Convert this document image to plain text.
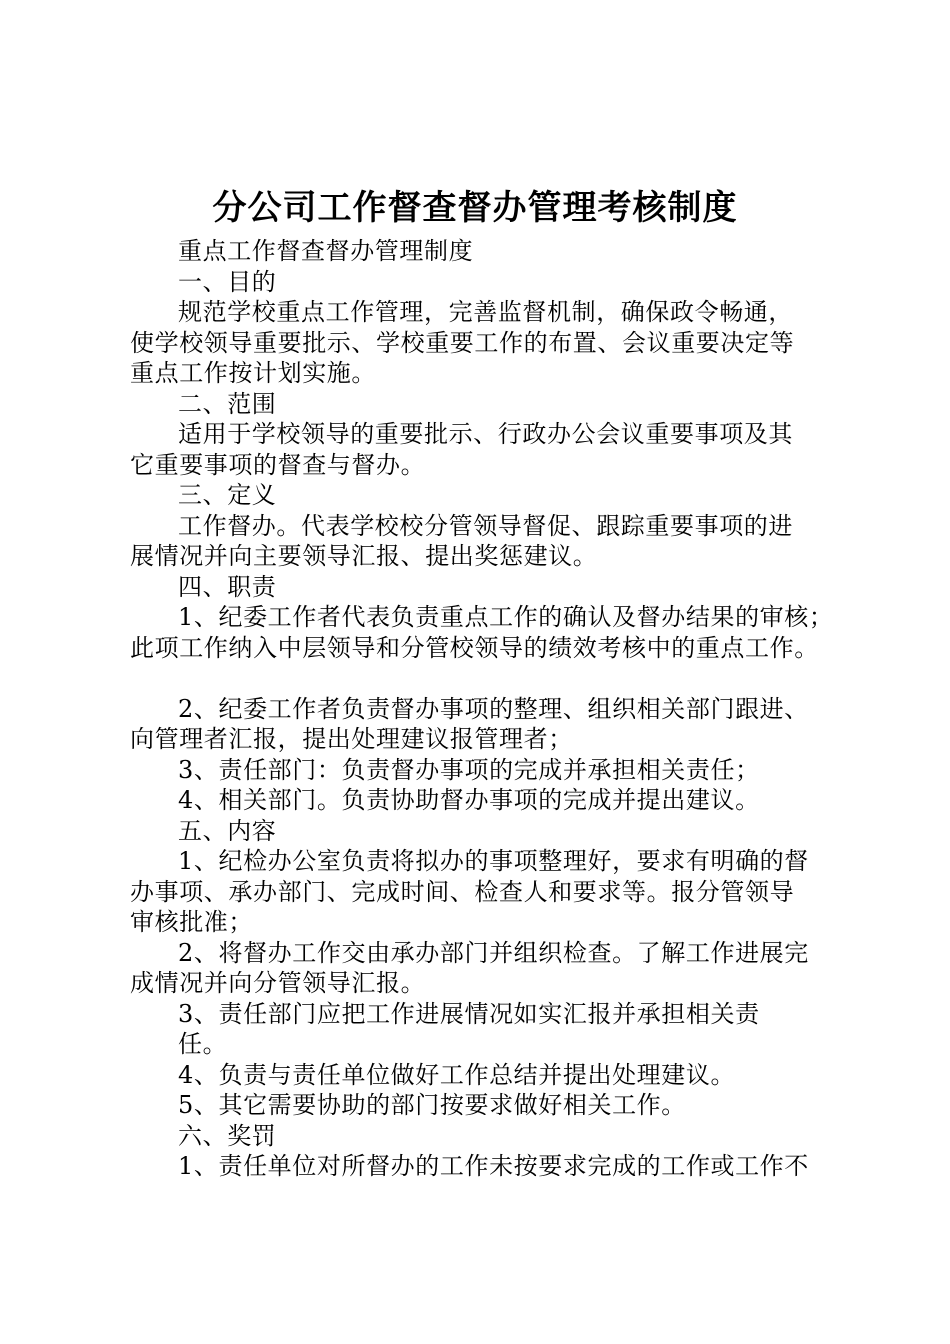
分公司工作督查督办管理考核制度
重点工作督查督办管理制度
一、目的
规范学校重点工作管理，完善监督机制，确保政令畅通，
使学校领导重要批示、学校重要工作的布置、会议重要决定等
重点工作按计划实施。
二、范围
适用于学校领导的重要批示、行政办公会议重要事项及其
它重要事项的督查与督办。
三、定义
工作督办。代表学校校分管领导督促、跟踪重要事项的进
展情况并向主要领导汇报、提出奖惩建议。
四、职责
1、纪委工作者代表负责重点工作的确认及督办结果的审核；
此项工作纳入中层领导和分管校领导的绩效考核中的重点工作。
2、纪委工作者负责督办事项的整理、组织相关部门跟进、
向管理者汇报，提出处理建议报管理者；
3、责任部门：负责督办事项的完成并承担相关责任；
4、相关部门。负责协助督办事项的完成并提出建议。
五、内容
1、纪检办公室负责将拟办的事项整理好，要求有明确的督
办事项、承办部门、完成时间、检查人和要求等。报分管领导
审核批准；
2、将督办工作交由承办部门并组织检查。了解工作进展完
成情况并向分管领导汇报。
3、责任部门应把工作进展情况如实汇报并承担相关责
任。
4、负责与责任单位做好工作总结并提出处理建议。
5、其它需要协助的部门按要求做好相关工作。
六、奖罚
1、责任单位对所督办的工作未按要求完成的工作或工作不
